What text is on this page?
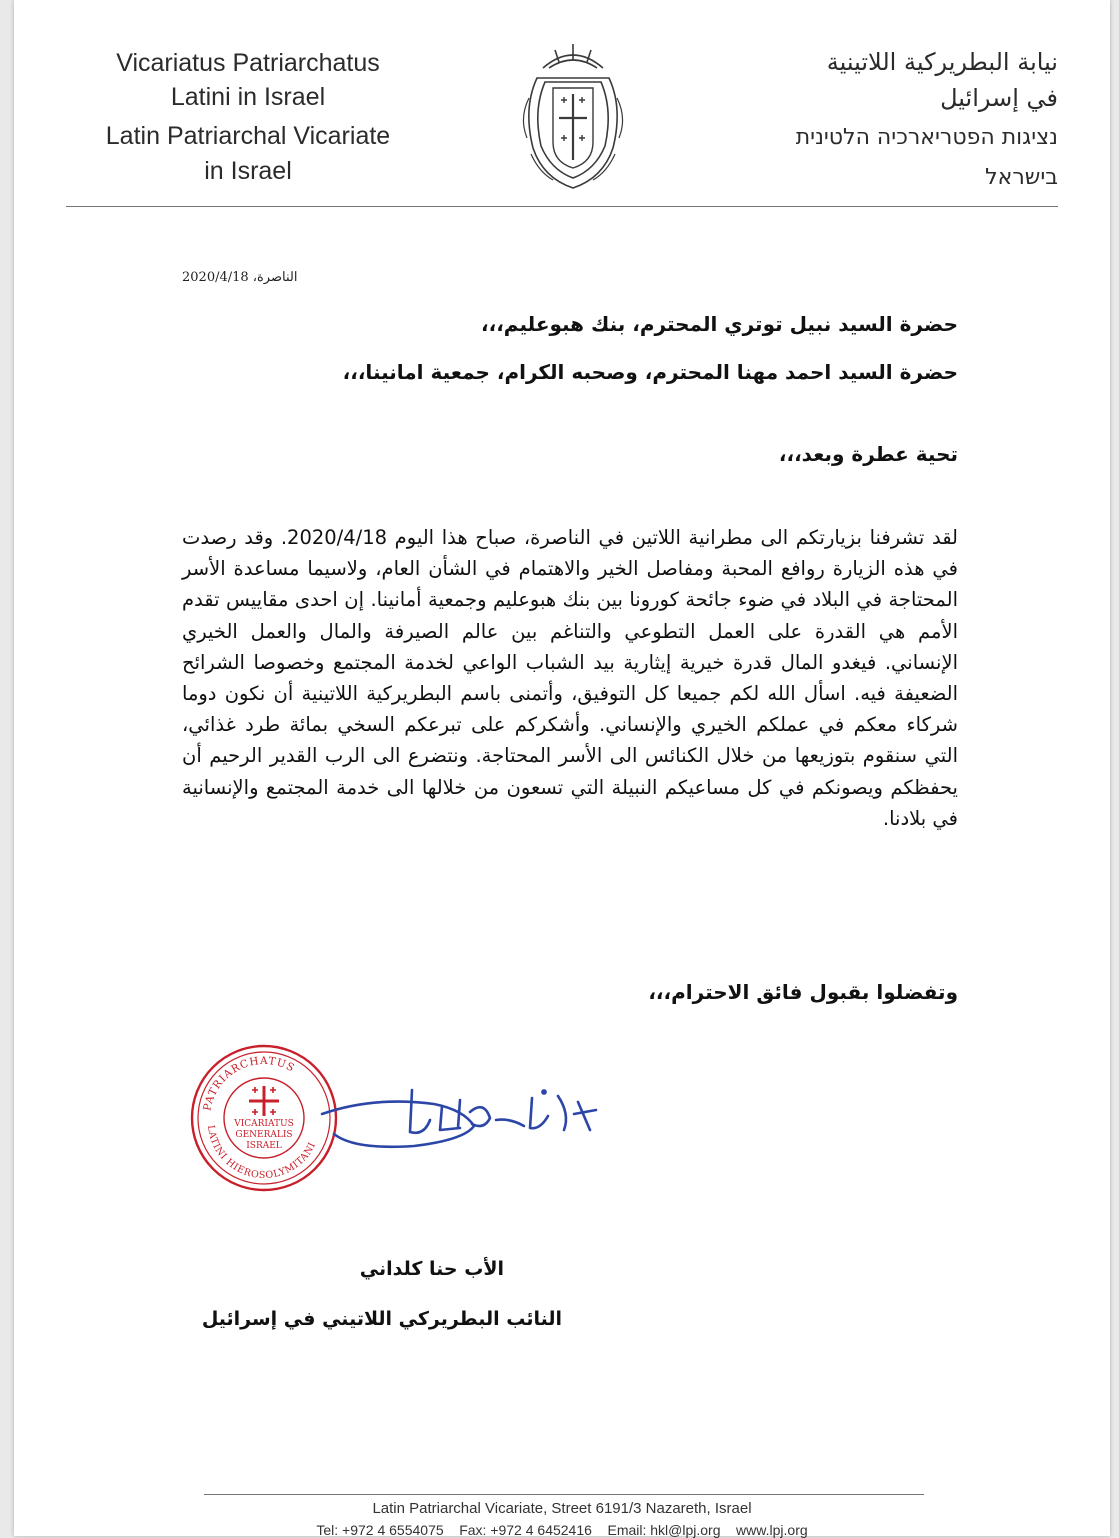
Vicariatus Patriarchatus
Latini in Israel
Latin Patriarchal Vicariate
in Israel
نيابة البطريركية اللاتينية
في إسرائيل
נציגות הפטריארכיה הלטינית
בישראל
الناصرة، 2020/4/18
حضرة السيد نبيل توتري المحترم، بنك هبوعليم،،،
حضرة السيد احمد مهنا المحترم، وصحبه الكرام، جمعية امانينا،،،
تحية عطرة وبعد،،،
لقد تشرفنا بزيارتكم الى مطرانية اللاتين في الناصرة، صباح هذا اليوم 2020/4/18. وقد رصدت في هذه الزيارة روافع المحبة ومفاصل الخير والاهتمام في الشأن العام، ولاسيما مساعدة الأسر المحتاجة في البلاد في ضوء جائحة كورونا بين بنك هبوعليم وجمعية أمانينا. إن احدى مقاييس تقدم الأمم هي القدرة على العمل التطوعي والتناغم بين عالم الصيرفة والمال والعمل الخيري الإنساني. فيغدو المال قدرة خيرية إيثارية بيد الشباب الواعي لخدمة المجتمع وخصوصا الشرائح الضعيفة فيه. اسأل الله لكم جميعا كل التوفيق، وأتمنى باسم البطريركية اللاتينية أن نكون دوما شركاء معكم في عملكم الخيري والإنساني. وأشكركم على تبرعكم السخي بمائة طرد غذائي، التي سنقوم بتوزيعها من خلال الكنائس الى الأسر المحتاجة. ونتضرع الى الرب القدير الرحيم أن يحفظكم ويصونكم في كل مساعيكم النبيلة التي تسعون من خلالها الى خدمة المجتمع والإنسانية في بلادنا.
وتفضلوا بقبول فائق الاحترام،،،
PATRIARCHATUS
LATINI HIEROSOLYMITANI
VICARIATUS
GENERALIS
ISRAEL
الأب حنا كلداني
النائب البطريركي اللاتيني في إسرائيل
Latin Patriarchal Vicariate, Street 6191/3 Nazareth, Israel
Tel: +972 4 6554075    Fax: +972 4 6452416    Email: hkl@lpj.org    www.lpj.org
